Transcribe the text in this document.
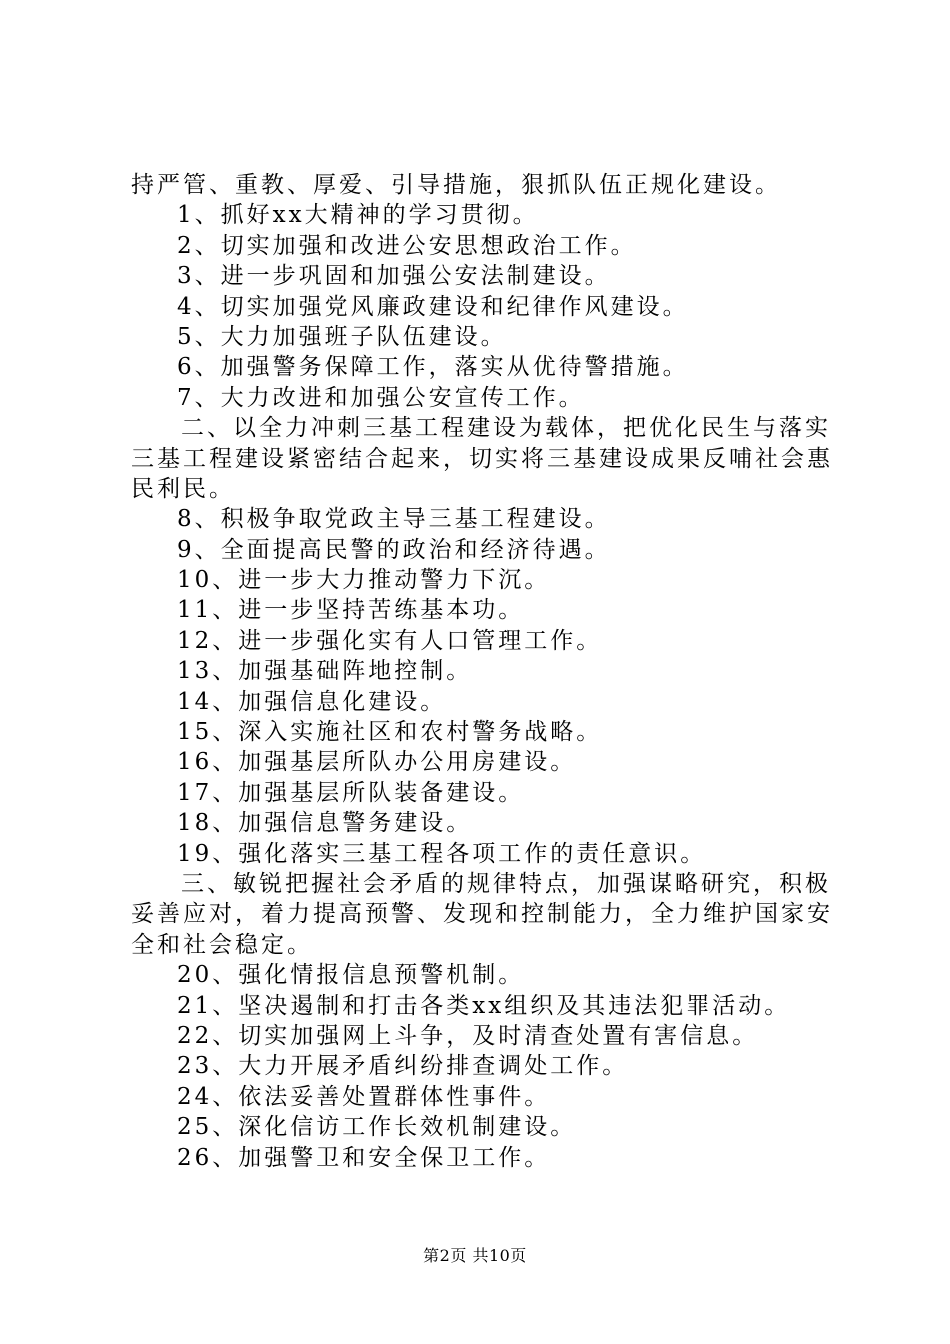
持严管、重教、厚爱、引导措施，狠抓队伍正规化建设。
1、抓好xx大精神的学习贯彻。
2、切实加强和改进公安思想政治工作。
3、进一步巩固和加强公安法制建设。
4、切实加强党风廉政建设和纪律作风建设。
5、大力加强班子队伍建设。
6、加强警务保障工作，落实从优待警措施。
7、大力改进和加强公安宣传工作。
二、以全力冲刺三基工程建设为载体，把优化民生与落实
三基工程建设紧密结合起来，切实将三基建设成果反哺社会惠
民利民。
8、积极争取党政主导三基工程建设。
9、全面提高民警的政治和经济待遇。
10、进一步大力推动警力下沉。
11、进一步坚持苦练基本功。
12、进一步强化实有人口管理工作。
13、加强基础阵地控制。
14、加强信息化建设。
15、深入实施社区和农村警务战略。
16、加强基层所队办公用房建设。
17、加强基层所队装备建设。
18、加强信息警务建设。
19、强化落实三基工程各项工作的责任意识。
三、敏锐把握社会矛盾的规律特点，加强谋略研究，积极
妥善应对，着力提高预警、发现和控制能力，全力维护国家安
全和社会稳定。
20、强化情报信息预警机制。
21、坚决遏制和打击各类xx组织及其违法犯罪活动。
22、切实加强网上斗争，及时清查处置有害信息。
23、大力开展矛盾纠纷排查调处工作。
24、依法妥善处置群体性事件。
25、深化信访工作长效机制建设。
26、加强警卫和安全保卫工作。
第2页 共10页
